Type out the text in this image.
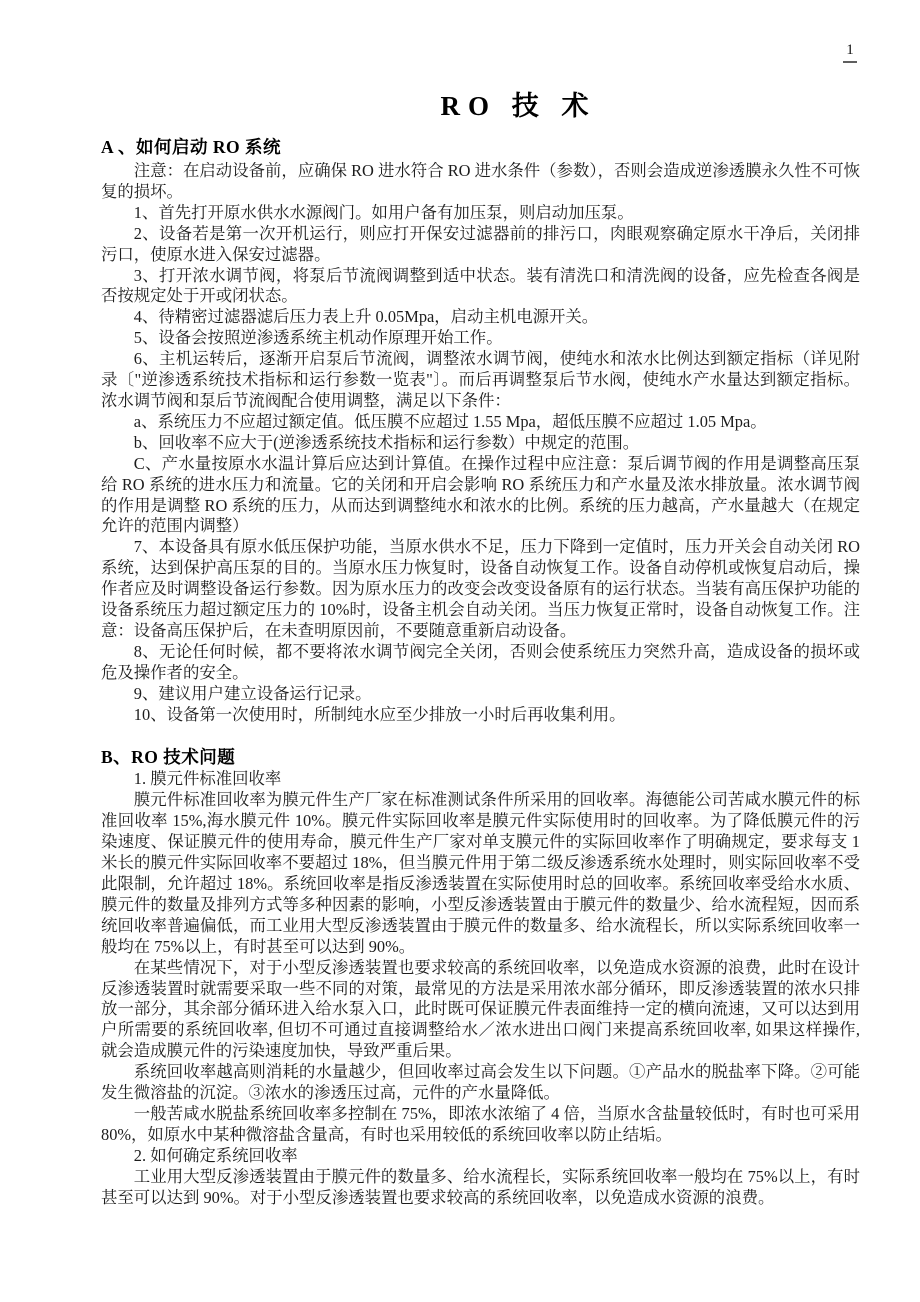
1
RO 技 术
A 、如何启动 RO 系统

注意：在启动设备前，应确保 RO 进水符合 RO 进水条件（参数），否则会造成逆渗透膜永久性不可恢复的损坏。

1、首先打开原水供水水源阀门。如用户备有加压泵，则启动加压泵。

2、设备若是第一次开机运行，则应打开保安过滤器前的排污口，肉眼观察确定原水干净后，关闭排污口，使原水进入保安过滤器。

3、打开浓水调节阀，将泵后节流阀调整到适中状态。装有清洗口和清洗阀的设备，应先检查各阀是否按规定处于开或闭状态。

4、待精密过滤器滤后压力表上升 0.05Mpa，启动主机电源开关。

5、设备会按照逆渗透系统主机动作原理开始工作。

6、主机运转后，逐渐开启泵后节流阀，调整浓水调节阀，使纯水和浓水比例达到额定指标（详见附录〔"逆渗透系统技术指标和运行参数一览表"〕。而后再调整泵后节水阀，使纯水产水量达到额定指标。浓水调节阀和泵后节流阀配合使用调整，满足以下条件：

a、系统压力不应超过额定值。低压膜不应超过 1.55 Mpa，超低压膜不应超过 1.05 Mpa。

b、回收率不应大于(逆渗透系统技术指标和运行参数）中规定的范围。

C、产水量按原水水温计算后应达到计算值。在操作过程中应注意：泵后调节阀的作用是调整高压泵给 RO 系统的进水压力和流量。它的关闭和开启会影响 RO 系统压力和产水量及浓水排放量。浓水调节阀的作用是调整 RO 系统的压力，从而达到调整纯水和浓水的比例。系统的压力越高，产水量越大（在规定允许的范围内调整）

7、本设备具有原水低压保护功能，当原水供水不足，压力下降到一定值时，压力开关会自动关闭 RO 系统，达到保护高压泵的目的。当原水压力恢复时，设备自动恢复工作。设备自动停机或恢复启动后，操作者应及时调整设备运行参数。因为原水压力的改变会改变设备原有的运行状态。当装有高压保护功能的设备系统压力超过额定压力的 10%时，设备主机会自动关闭。当压力恢复正常时，设备自动恢复工作。注意：设备高压保护后，在未查明原因前，不要随意重新启动设备。

8、无论任何时候，都不要将浓水调节阀完全关闭，否则会使系统压力突然升高，造成设备的损坏或危及操作者的安全。

9、建议用户建立设备运行记录。

10、设备第一次使用时，所制纯水应至少排放一小时后再收集利用。

B、RO 技术问题

1. 膜元件标准回收率

膜元件标准回收率为膜元件生产厂家在标准测试条件所采用的回收率。海德能公司苦咸水膜元件的标准回收率 15%,海水膜元件 10%。膜元件实际回收率是膜元件实际使用时的回收率。为了降低膜元件的污染速度、保证膜元件的使用寿命，膜元件生产厂家对单支膜元件的实际回收率作了明确规定，要求每支 1 米长的膜元件实际回收率不要超过 18%，但当膜元件用于第二级反渗透系统水处理时，则实际回收率不受此限制，允许超过 18%。系统回收率是指反渗透装置在实际使用时总的回收率。系统回收率受给水水质、膜元件的数量及排列方式等多种因素的影响，小型反渗透装置由于膜元件的数量少、给水流程短，因而系统回收率普遍偏低，而工业用大型反渗透装置由于膜元件的数量多、给水流程长，所以实际系统回收率一般均在 75%以上，有时甚至可以达到 90%。

在某些情况下，对于小型反渗透装置也要求较高的系统回收率，以免造成水资源的浪费，此时在设计反渗透装置时就需要采取一些不同的对策，最常见的方法是采用浓水部分循环，即反渗透装置的浓水只排放一部分，其余部分循环进入给水泵入口，此时既可保证膜元件表面维持一定的横向流速，又可以达到用户所需要的系统回收率, 但切不可通过直接调整给水／浓水进出口阀门来提高系统回收率, 如果这样操作, 就会造成膜元件的污染速度加快，导致严重后果。

系统回收率越高则消耗的水量越少，但回收率过高会发生以下问题。①产品水的脱盐率下降。②可能发生微溶盐的沉淀。③浓水的渗透压过高，元件的产水量降低。

一般苦咸水脱盐系统回收率多控制在 75%，即浓水浓缩了 4 倍，当原水含盐量较低时，有时也可采用 80%，如原水中某种微溶盐含量高，有时也采用较低的系统回收率以防止结垢。

2. 如何确定系统回收率

工业用大型反渗透装置由于膜元件的数量多、给水流程长，实际系统回收率一般均在 75%以上，有时甚至可以达到 90%。对于小型反渗透装置也要求较高的系统回收率，以免造成水资源的浪费。
